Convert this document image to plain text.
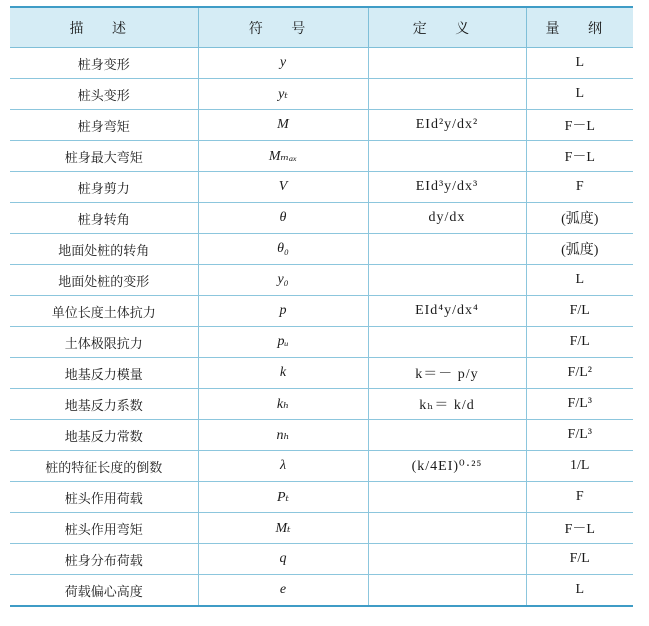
描 述	符 号	定 义	量 纲
桩身变形	y		L
桩头变形	yₜ		L
桩身弯矩	M	EId²y/dx²	F－L
桩身最大弯矩	Mₘₐₓ		F－L
桩身剪力	V	EId³y/dx³	F
桩身转角	θ	dy/dx	(弧度)
地面处桩的转角	θ₀		(弧度)
地面处桩的变形	y₀		L
单位长度土体抗力	p	EId⁴y/dx⁴	F/L
土体极限抗力	pᵤ		F/L
地基反力模量	k	k＝－ p/y	F/L²
地基反力系数	kₕ	kₕ＝ k/d	F/L³
地基反力常数	nₕ		F/L³
桩的特征长度的倒数	λ	(k/4EI)⁰·²⁵	1/L
桩头作用荷载	Pₜ		F
桩头作用弯矩	Mₜ		F－L
桩身分布荷载	q		F/L
荷载偏心高度	e		L
